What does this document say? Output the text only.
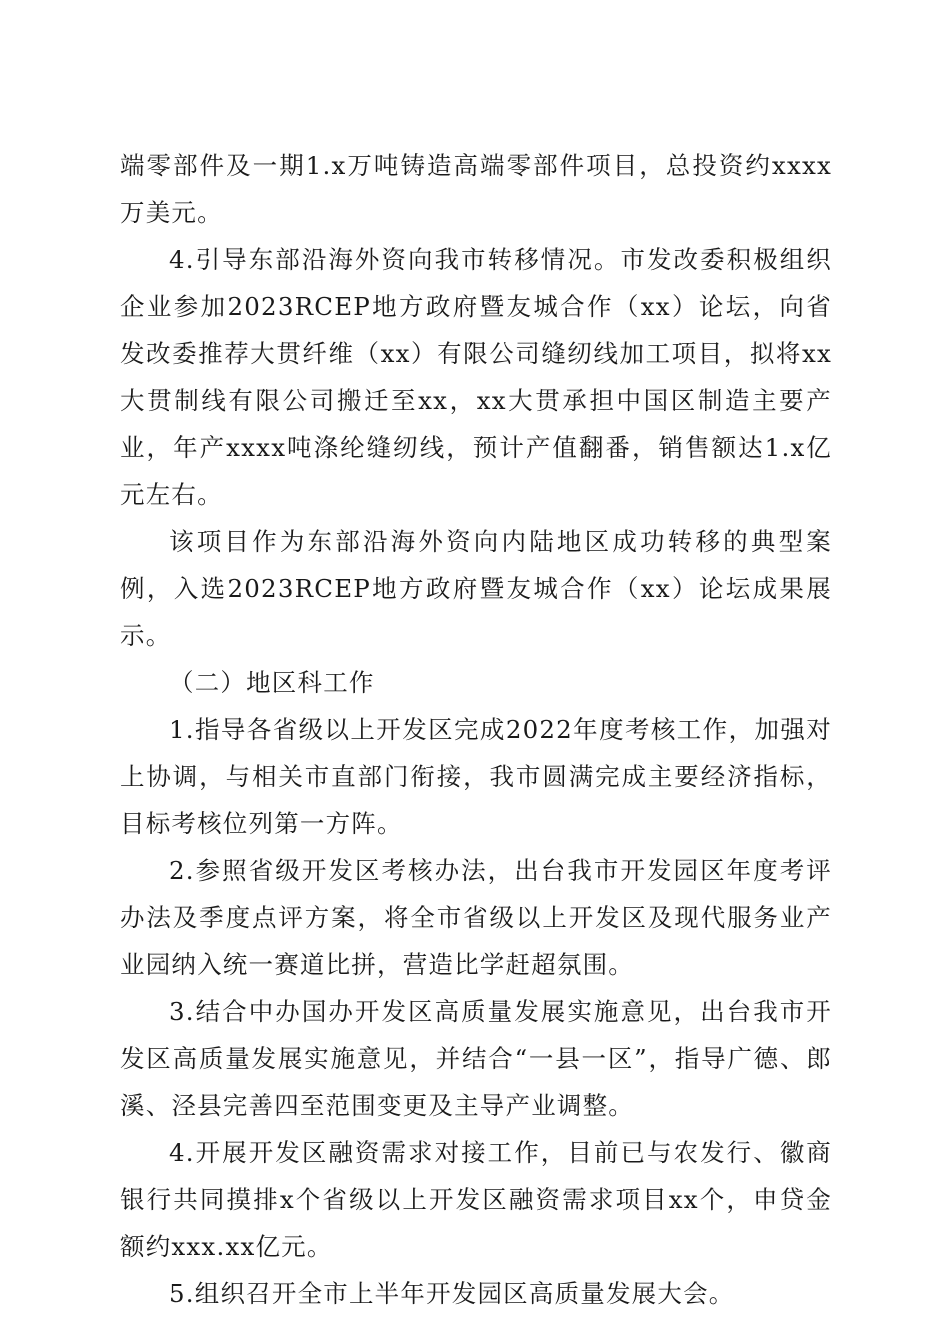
端零部件及一期1.x万吨铸造高端零部件项目，总投资约xxxx万美元。

4.引导东部沿海外资向我市转移情况。市发改委积极组织企业参加2023RCEP地方政府暨友城合作（xx）论坛，向省发改委推荐大贯纤维（xx）有限公司缝纫线加工项目，拟将xx大贯制线有限公司搬迁至xx，xx大贯承担中国区制造主要产业，年产xxxx吨涤纶缝纫线，预计产值翻番，销售额达1.x亿元左右。

该项目作为东部沿海外资向内陆地区成功转移的典型案例，入选2023RCEP地方政府暨友城合作（xx）论坛成果展示。

（二）地区科工作

1.指导各省级以上开发区完成2022年度考核工作，加强对上协调，与相关市直部门衔接，我市圆满完成主要经济指标，目标考核位列第一方阵。

2.参照省级开发区考核办法，出台我市开发园区年度考评办法及季度点评方案，将全市省级以上开发区及现代服务业产业园纳入统一赛道比拼，营造比学赶超氛围。

3.结合中办国办开发区高质量发展实施意见，出台我市开发区高质量发展实施意见，并结合“一县一区”，指导广德、郎溪、泾县完善四至范围变更及主导产业调整。

4.开展开发区融资需求对接工作，目前已与农发行、徽商银行共同摸排x个省级以上开发区融资需求项目xx个，申贷金额约xxx.xx亿元。

5.组织召开全市上半年开发园区高质量发展大会。
